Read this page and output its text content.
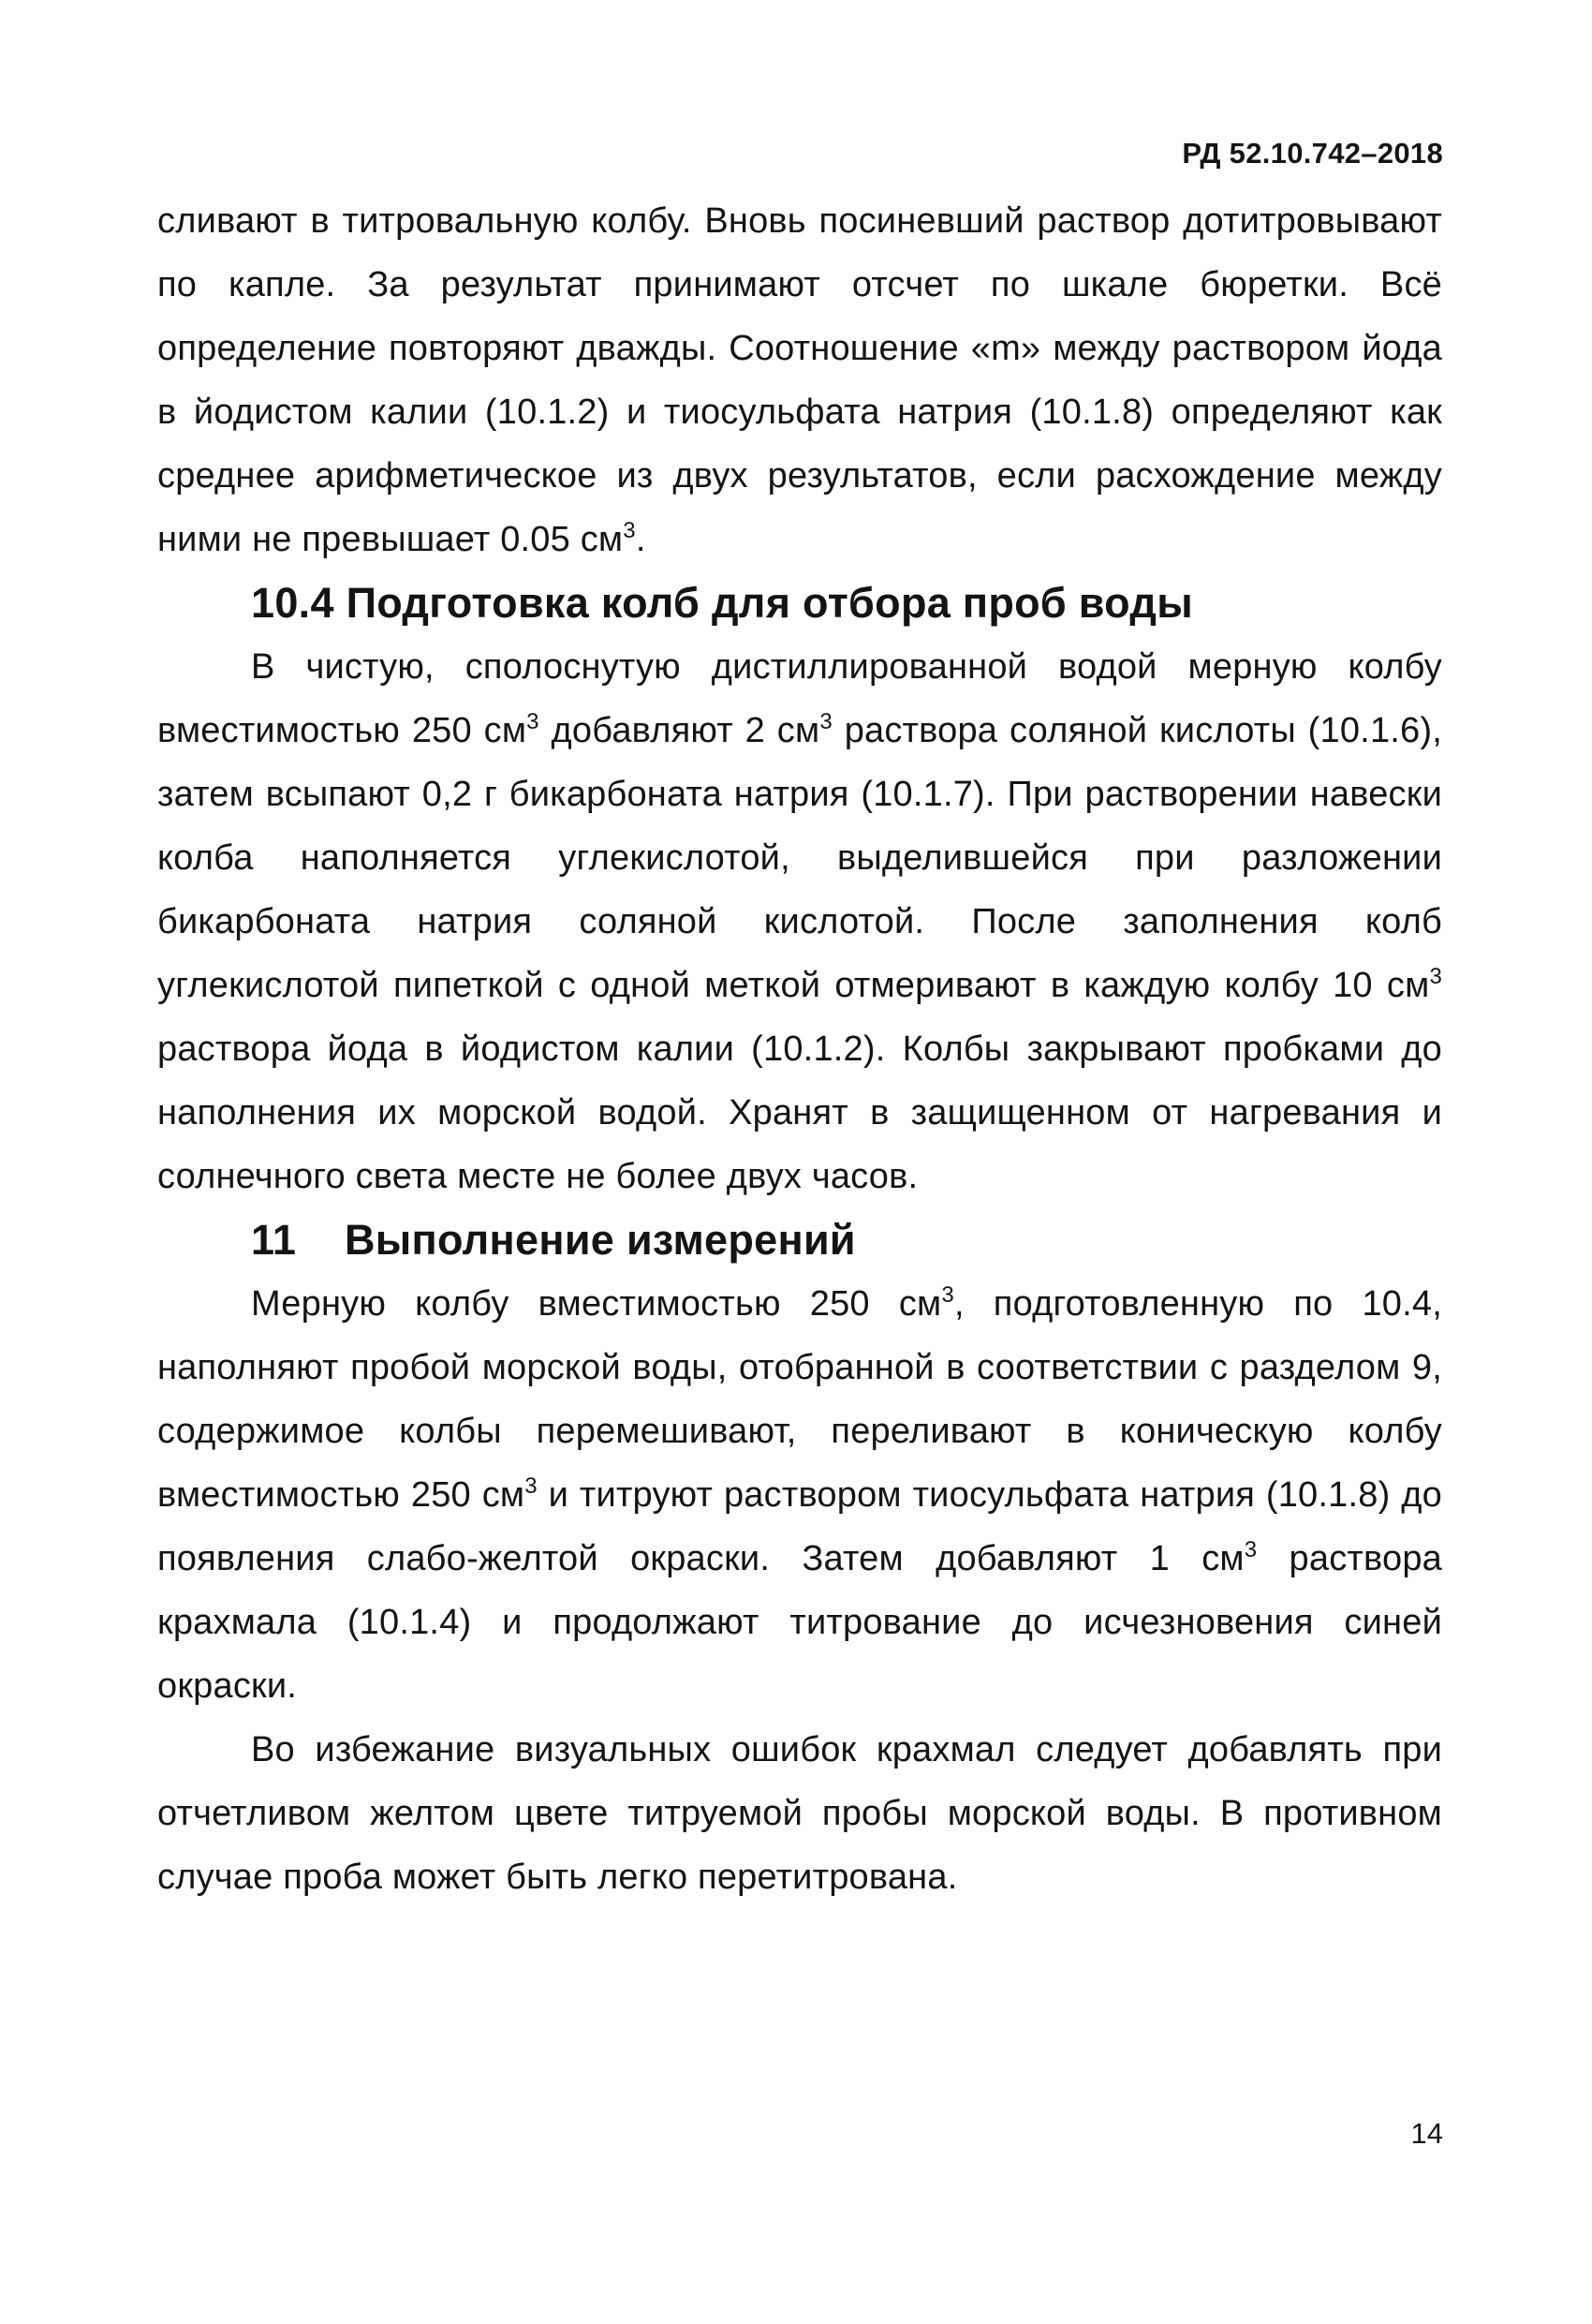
РД 52.10.742–2018

сливают в титровальную колбу. Вновь посиневший раствор дотитровывают по капле. За результат принимают отсчет по шкале бюретки. Всё определение повторяют дважды. Соотношение «m» между раствором йода в йодистом калии (10.1.2) и тиосульфата натрия (10.1.8) определяют как среднее арифметическое из двух результатов, если расхождение между ними не превышает 0.05 $см^3$.

10.4 Подготовка колб для отбора проб воды

В чистую, сполоснутую дистиллированной водой мерную колбу вместимостью 250 $см^3$ добавляют 2 $см^3$ раствора соляной кислоты (10.1.6), затем всыпают 0,2 г бикарбоната натрия (10.1.7). При растворении навески колба наполняется углекислотой, выделившейся при разложении бикарбоната натрия соляной кислотой. После заполнения колб углекислотой пипеткой с одной меткой отмеривают в каждую колбу 10 $см^3$ раствора йода в йодистом калии (10.1.2). Колбы закрывают пробками до наполнения их морской водой. Хранят в защищенном от нагревания и солнечного света месте не более двух часов.

11 Выполнение измерений

Мерную колбу вместимостью 250 $см^3$, подготовленную по 10.4, наполняют пробой морской воды, отобранной в соответствии с разделом 9, содержимое колбы перемешивают, переливают в коническую колбу вместимостью 250 $см^3$ и титруют раствором тиосульфата натрия (10.1.8) до появления слабо-желтой окраски. Затем добавляют 1 $см^3$ раствора крахмала (10.1.4) и продолжают титрование до исчезновения синей окраски.

Во избежание визуальных ошибок крахмал следует добавлять при отчетливом желтом цвете титруемой пробы морской воды. В противном случае проба может быть легко перетитрована.

14
